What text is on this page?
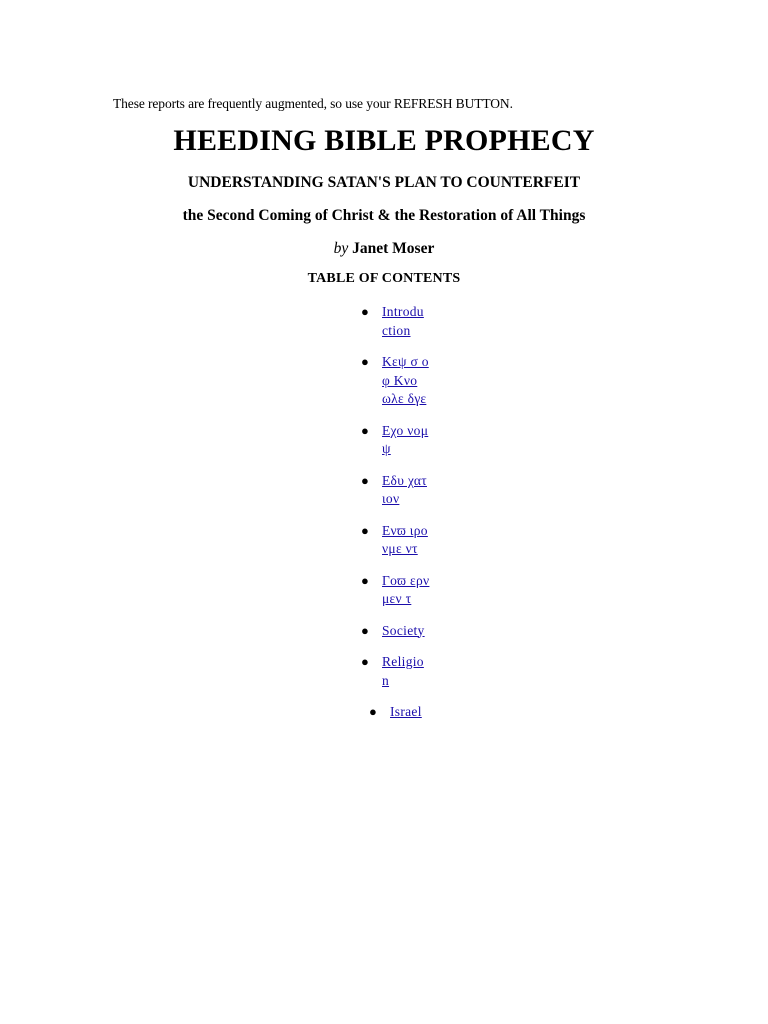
These reports are frequently augmented, so use your REFRESH BUTTON.
HEEDING BIBLE PROPHECY
UNDERSTANDING SATAN'S PLAN TO COUNTERFEIT
the Second Coming of Christ & the Restoration of All Things
by Janet Moser
TABLE OF CONTENTS
● Introduction
● Κεψ σ οφ Κνο ωλε δγε
● Εχο νομ ψ
● Εδυ χατ ιον
● Ενϖ ιρο νμε ντ
● Γοϖ ερν μεν τ
● Society
● Religion
● Israel
